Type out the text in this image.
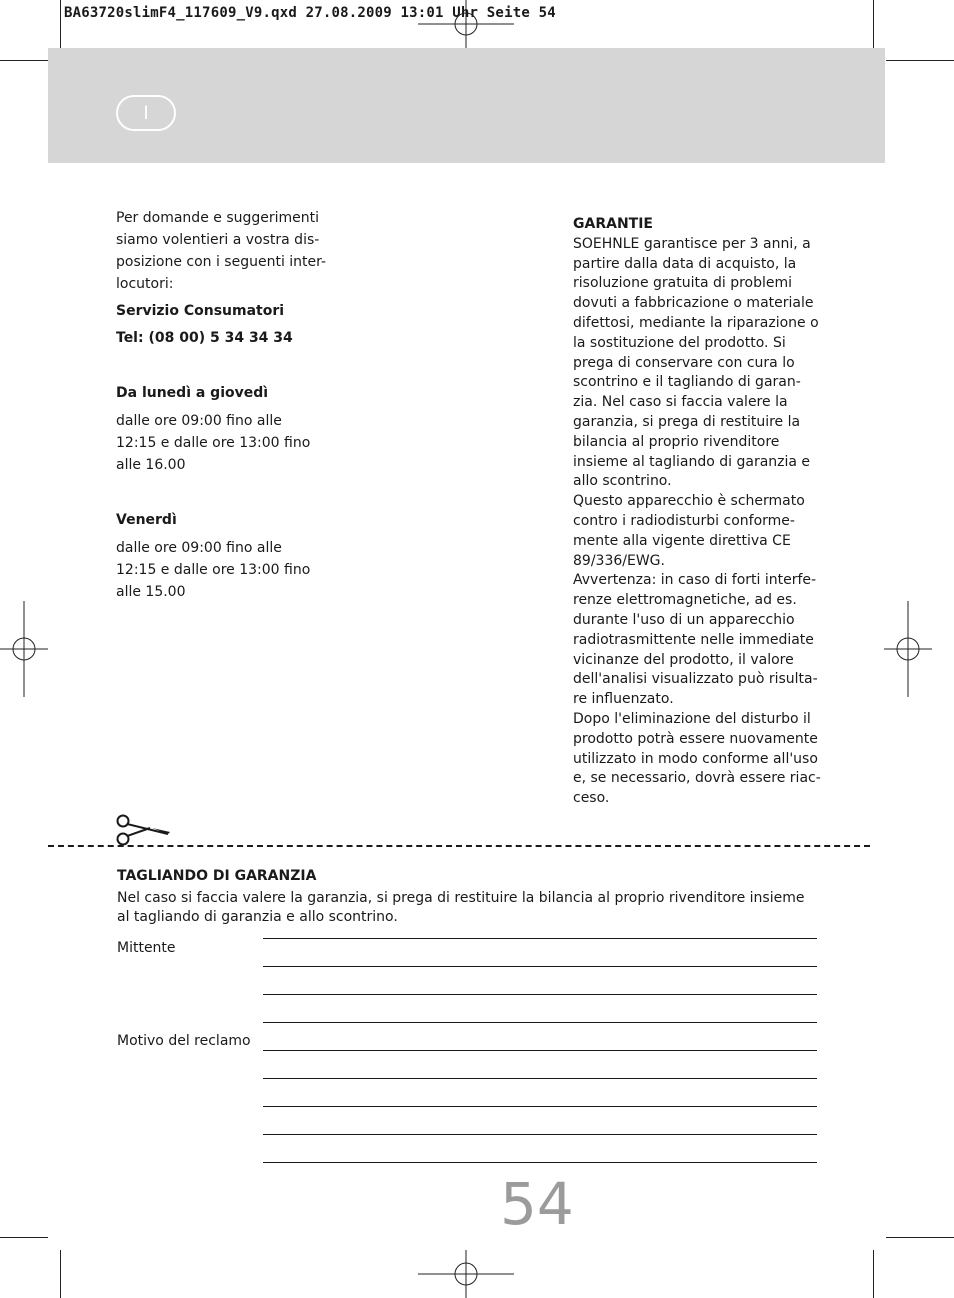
BA63720slimF4_117609_V9.qxd 27.08.2009 13:01 Uhr Seite 54
I

Per domande e suggerimenti

siamo volentieri a vostra dis-

posizione con i seguenti inter-

locutori:

Servizio Consumatori

Tel: (08 00) 5 34 34 34

Da lunedì a giovedì

dalle ore 09:00 fino alle

12:15 e dalle ore 13:00 fino

alle 16.00

Venerdì

dalle ore 09:00 fino alle

12:15 e dalle ore 13:00 fino

alle 15.00

GARANTIE

SOEHNLE garantisce per 3 anni, a

partire dalla data di acquisto, la

risoluzione gratuita di problemi

dovuti a fabbricazione o materiale

difettosi, mediante la riparazione o

la sostituzione del prodotto. Si

prega di conservare con cura lo

scontrino e il tagliando di garan-

zia. Nel caso si faccia valere la

garanzia, si prega di restituire la

bilancia al proprio rivenditore

insieme al tagliando di garanzia e

allo scontrino.

Questo apparecchio è schermato

contro i radiodisturbi conforme-

mente alla vigente direttiva CE

89/336/EWG.

Avvertenza: in caso di forti interfe-

renze elettromagnetiche, ad es.

durante l'uso di un apparecchio

radiotrasmittente nelle immediate

vicinanze del prodotto, il valore

dell'analisi visualizzato può risulta-

re influenzato.

Dopo l'eliminazione del disturbo il

prodotto potrà essere nuovamente

utilizzato in modo conforme all'uso

e, se necessario, dovrà essere riac-

ceso.

TAGLIANDO DI GARANZIA

Nel caso si faccia valere la garanzia, si prega di restituire la bilancia al proprio rivenditore insieme

al tagliando di garanzia e allo scontrino.

Mittente
Motivo del reclamo
54
